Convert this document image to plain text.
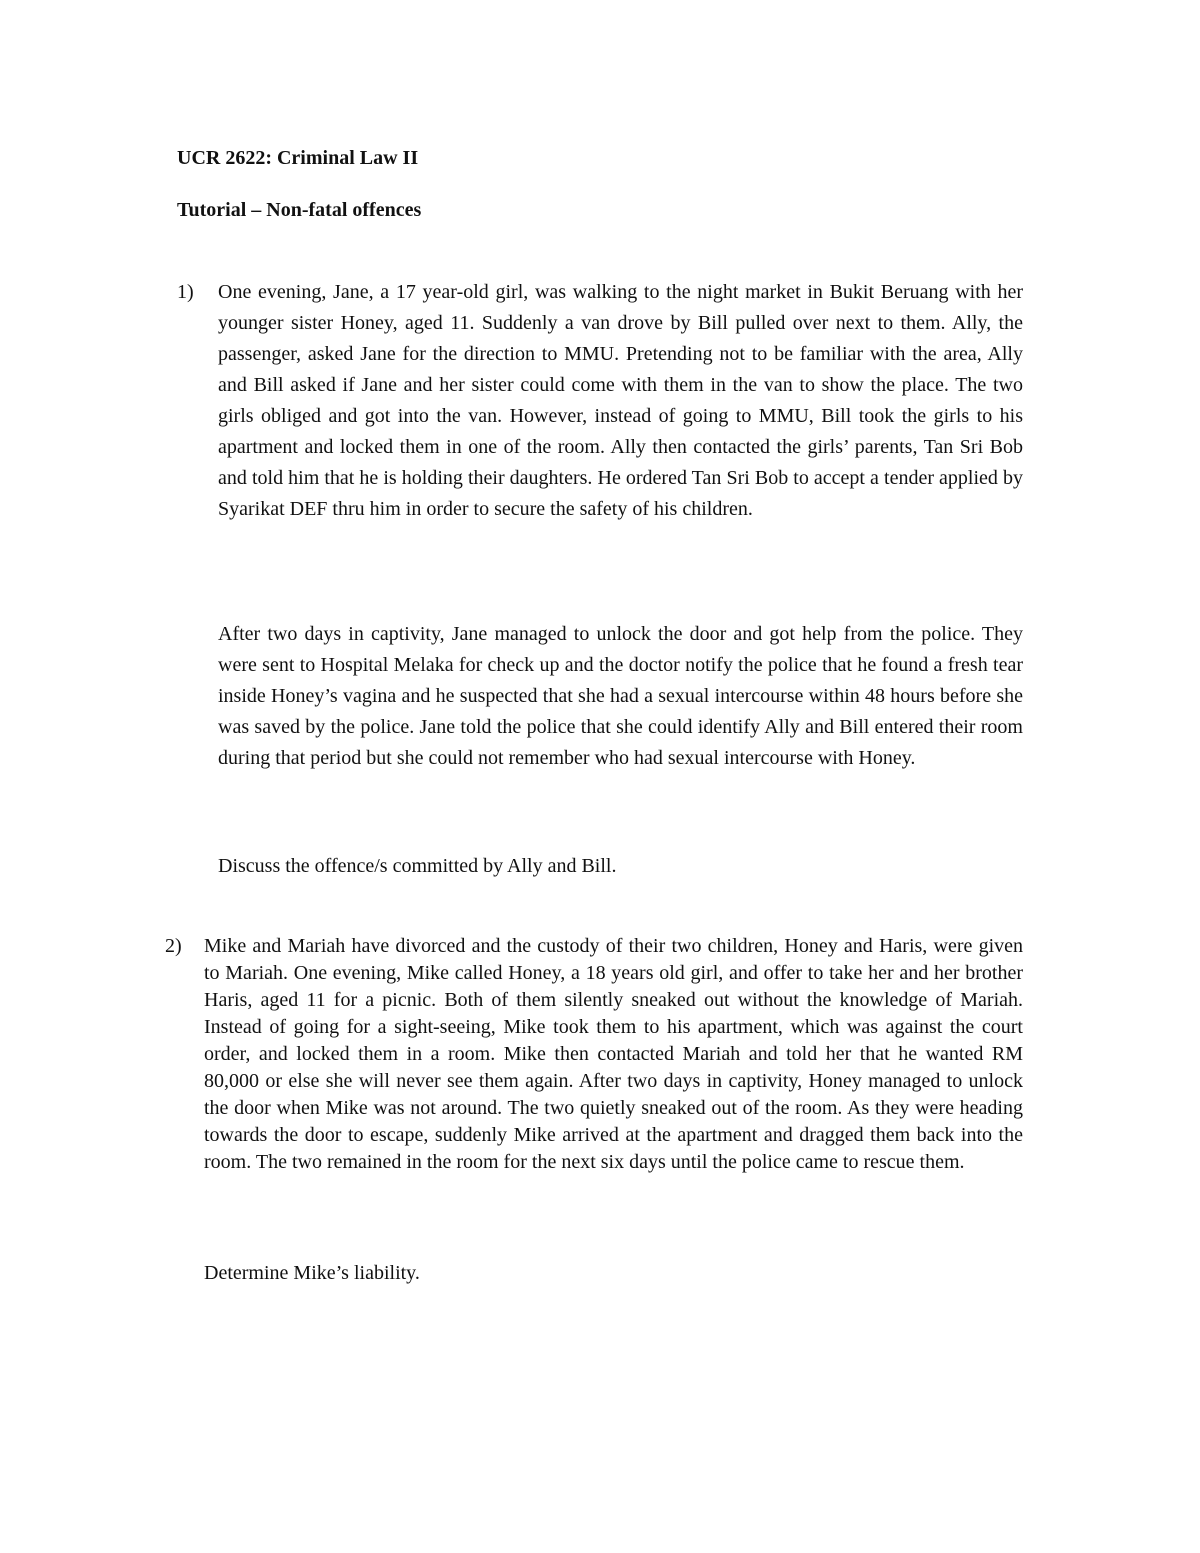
UCR 2622: Criminal Law II
Tutorial – Non-fatal offences
1) One evening, Jane, a 17 year-old girl, was walking to the night market in Bukit Beruang with her younger sister Honey, aged 11. Suddenly a van drove by Bill pulled over next to them. Ally, the passenger, asked Jane for the direction to MMU. Pretending not to be familiar with the area, Ally and Bill asked if Jane and her sister could come with them in the van to show the place. The two girls obliged and got into the van. However, instead of going to MMU, Bill took the girls to his apartment and locked them in one of the room. Ally then contacted the girls’ parents, Tan Sri Bob and told him that he is holding their daughters. He ordered Tan Sri Bob to accept a tender applied by Syarikat DEF thru him in order to secure the safety of his children.

After two days in captivity, Jane managed to unlock the door and got help from the police. They were sent to Hospital Melaka for check up and the doctor notify the police that he found a fresh tear inside Honey’s vagina and he suspected that she had a sexual intercourse within 48 hours before she was saved by the police. Jane told the police that she could identify Ally and Bill entered their room during that period but she could not remember who had sexual intercourse with Honey.

Discuss the offence/s committed by Ally and Bill.

2) Mike and Mariah have divorced and the custody of their two children, Honey and Haris, were given to Mariah. One evening, Mike called Honey, a 18 years old girl, and offer to take her and her brother Haris, aged 11 for a picnic. Both of them silently sneaked out without the knowledge of Mariah. Instead of going for a sight-seeing, Mike took them to his apartment, which was against the court order, and locked them in a room. Mike then contacted Mariah and told her that he wanted RM 80,000 or else she will never see them again. After two days in captivity, Honey managed to unlock the door when Mike was not around. The two quietly sneaked out of the room. As they were heading towards the door to escape, suddenly Mike arrived at the apartment and dragged them back into the room. The two remained in the room for the next six days until the police came to rescue them.

Determine Mike’s liability.
